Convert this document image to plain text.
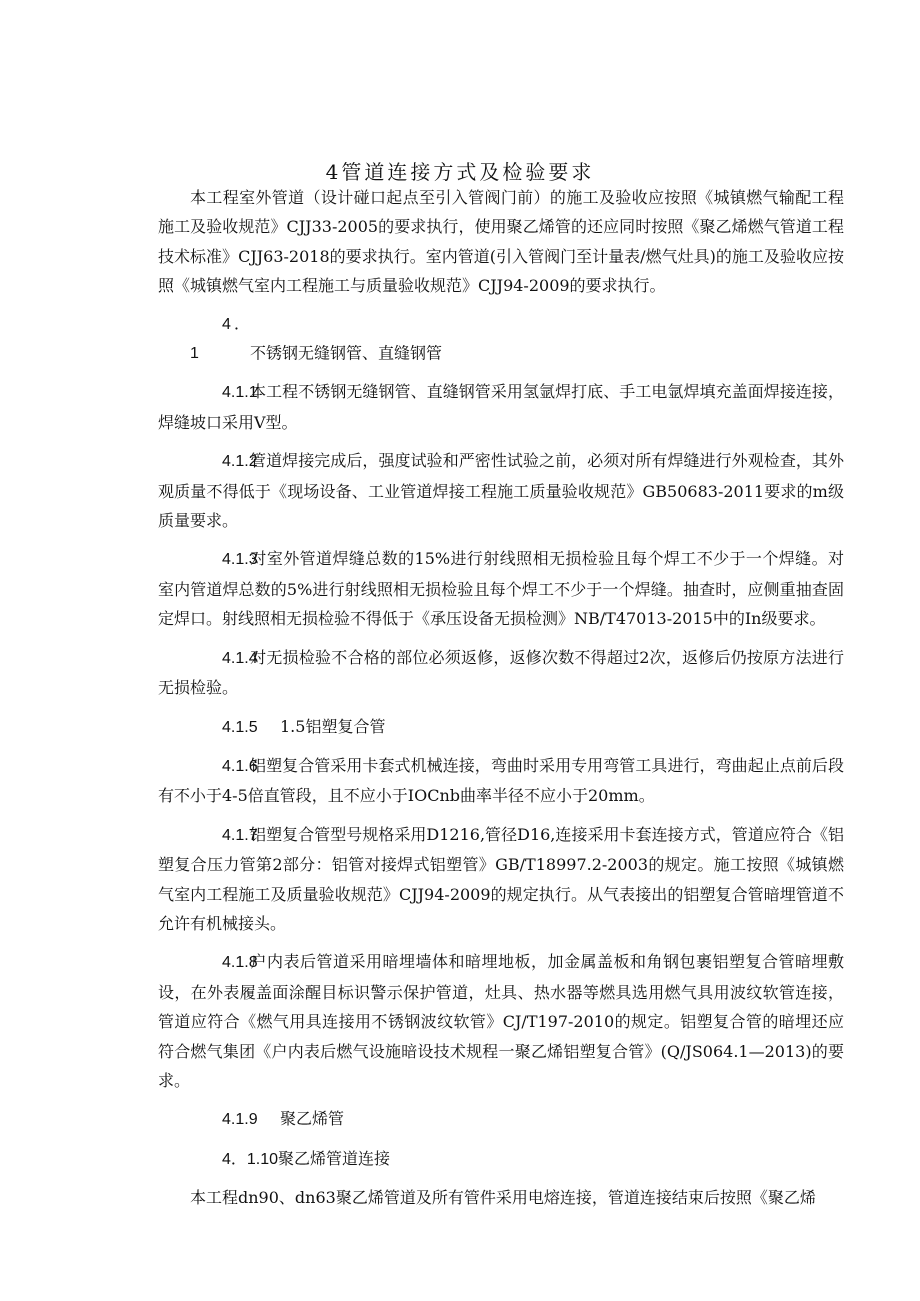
4管道连接方式及检验要求

本工程室外管道（设计碰口起点至引入管阀门前）的施工及验收应按照《城镇燃气输配工程施工及验收规范》CJJ33-2005的要求执行，使用聚乙烯管的还应同时按照《聚乙烯燃气管道工程技术标准》CJJ63-2018的要求执行。室内管道(引入管阀门至计量表/燃气灶具)的施工及验收应按照《城镇燃气室内工程施工与质量验收规范》CJJ94-2009的要求执行。

4．1	不锈钢无缝钢管、直缝钢管

4.1.1本工程不锈钢无缝钢管、直缝钢管采用氢氩焊打底、手工电氩焊填充盖面焊接连接，焊缝坡口采用V型。

4.1.2管道焊接完成后，强度试验和严密性试验之前，必须对所有焊缝进行外观检查，其外观质量不得低于《现场设备、工业管道焊接工程施工质量验收规范》GB50683-2011要求的m级质量要求。

4.1.3对室外管道焊缝总数的15%进行射线照相无损检验且每个焊工不少于一个焊缝。对室内管道焊总数的5%进行射线照相无损检验且每个焊工不少于一个焊缝。抽查时，应侧重抽查固定焊口。射线照相无损检验不得低于《承压设备无损检测》NB/T47013-2015中的In级要求。

4.1.4对无损检验不合格的部位必须返修，返修次数不得超过2次，返修后仍按原方法进行无损检验。

4.1.5 1.5铝塑复合管

4.1.6铝塑复合管采用卡套式机械连接，弯曲时采用专用弯管工具进行，弯曲起止点前后段有不小于4-5倍直管段，且不应小于IOCnb曲率半径不应小于20mm。

4.1.7铝塑复合管型号规格采用D1216,管径D16,连接采用卡套连接方式，管道应符合《铝塑复合压力管第2部分：铝管对接焊式铝塑管》GB/T18997.2-2003的规定。施工按照《城镇燃气室内工程施工及质量验收规范》CJJ94-2009的规定执行。从气表接出的铝塑复合管暗埋管道不允许有机械接头。

4.1.8户内表后管道采用暗埋墙体和暗埋地板，加金属盖板和角钢包裹铝塑复合管暗埋敷设，在外表履盖面涂醒目标识警示保护管道，灶具、热水器等燃具选用燃气具用波纹软管连接，管道应符合《燃气用具连接用不锈钢波纹软管》CJ/T197-2010的规定。铝塑复合管的暗埋还应符合燃气集团《户内表后燃气设施暗设技术规程一聚乙烯铝塑复合管》(Q/JS064.1—2013)的要求。

4.1.9 聚乙烯管

4．1.10聚乙烯管道连接

本工程dn90、dn63聚乙烯管道及所有管件采用电熔连接，管道连接结束后按照《聚乙烯
